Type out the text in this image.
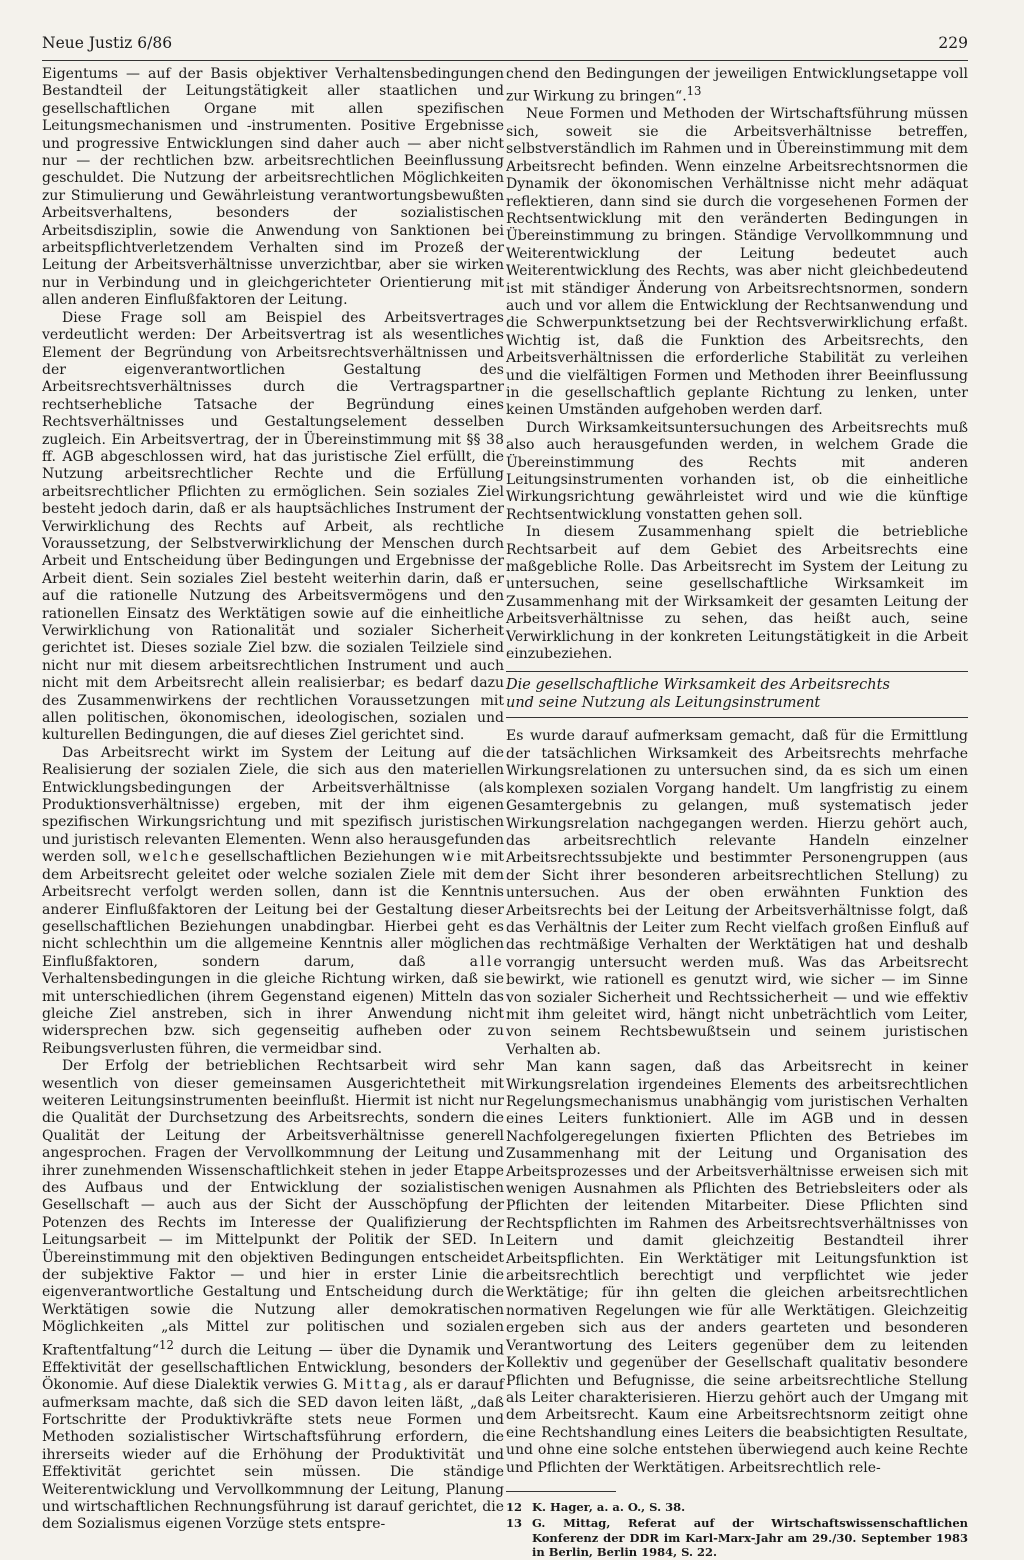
Neue Justiz 6/86	229

Eigentums — auf der Basis objektiver Verhaltensbedingungen Bestandteil der Leitungstätigkeit aller staatlichen und gesellschaftlichen Organe mit allen spezifischen Leitungsmechanismen und -instrumenten. Positive Ergebnisse und progressive Entwicklungen sind daher auch — aber nicht nur — der rechtlichen bzw. arbeitsrechtlichen Beeinflussung geschuldet. Die Nutzung der arbeitsrechtlichen Möglichkeiten zur Stimulierung und Gewährleistung verantwortungsbewußten Arbeitsverhaltens, besonders der sozialistischen Arbeitsdisziplin, sowie die Anwendung von Sanktionen bei arbeitspflichtverletzendem Verhalten sind im Prozeß der Leitung der Arbeitsverhältnisse unverzichtbar, aber sie wirken nur in Verbindung und in gleichgerichteter Orientierung mit allen anderen Einflußfaktoren der Leitung.

Diese Frage soll am Beispiel des Arbeitsvertrages verdeutlicht werden: Der Arbeitsvertrag ist als wesentliches Element der Begründung von Arbeitsrechtsverhältnissen und der eigenverantwortlichen Gestaltung des Arbeitsrechtsverhältnisses durch die Vertragspartner rechtserhebliche Tatsache der Begründung eines Rechtsverhältnisses und Gestaltungselement desselben zugleich. Ein Arbeitsvertrag, der in Übereinstimmung mit §§ 38 ff. AGB abgeschlossen wird, hat das juristische Ziel erfüllt, die Nutzung arbeitsrechtlicher Rechte und die Erfüllung arbeitsrechtlicher Pflichten zu ermöglichen. Sein soziales Ziel besteht jedoch darin, daß er als hauptsächliches Instrument der Verwirklichung des Rechts auf Arbeit, als rechtliche Voraussetzung, der Selbstverwirklichung der Menschen durch Arbeit und Entscheidung über Bedingungen und Ergebnisse der Arbeit dient. Sein soziales Ziel besteht weiterhin darin, daß er auf die rationelle Nutzung des Arbeitsvermögens und den rationellen Einsatz des Werktätigen sowie auf die einheitliche Verwirklichung von Rationalität und sozialer Sicherheit gerichtet ist. Dieses soziale Ziel bzw. die sozialen Teilziele sind nicht nur mit diesem arbeitsrechtlichen Instrument und auch nicht mit dem Arbeitsrecht allein realisierbar; es bedarf dazu des Zusammenwirkens der rechtlichen Voraussetzungen mit allen politischen, ökonomischen, ideologischen, sozialen und kulturellen Bedingungen, die auf dieses Ziel gerichtet sind.

Das Arbeitsrecht wirkt im System der Leitung auf die Realisierung der sozialen Ziele, die sich aus den materiellen Entwicklungsbedingungen der Arbeitsverhältnisse (als Produktionsverhältnisse) ergeben, mit der ihm eigenen spezifischen Wirkungsrichtung und mit spezifisch juristischen und juristisch relevanten Elementen. Wenn also herausgefunden werden soll, welche gesellschaftlichen Beziehungen wie mit dem Arbeitsrecht geleitet oder welche sozialen Ziele mit dem Arbeitsrecht verfolgt werden sollen, dann ist die Kenntnis anderer Einflußfaktoren der Leitung bei der Gestaltung dieser gesellschaftlichen Beziehungen unabdingbar. Hierbei geht es nicht schlechthin um die allgemeine Kenntnis aller möglichen Einflußfaktoren, sondern darum, daß	alle Verhaltensbedingungen in die gleiche Richtung wirken, daß sie mit unterschiedlichen (ihrem Gegenstand eigenen) Mitteln das gleiche Ziel anstreben, sich in ihrer Anwendung nicht widersprechen bzw. sich gegenseitig aufheben oder zu Reibungsverlusten führen, die vermeidbar sind.

Der Erfolg der betrieblichen Rechtsarbeit wird sehr wesentlich von dieser gemeinsamen Ausgerichtetheit mit weiteren Leitungsinstrumenten beeinflußt. Hiermit ist nicht nur die Qualität der Durchsetzung des Arbeitsrechts, sondern die Qualität der Leitung der Arbeitsverhältnisse generell angesprochen. Fragen der Vervollkommnung der Leitung und ihrer zunehmenden Wissenschaftlichkeit stehen in jeder Etappe des Aufbaus und der Entwicklung der sozialistischen Gesellschaft — auch aus der Sicht der Ausschöpfung der Potenzen des Rechts im Interesse der Qualifizierung der Leitungsarbeit — im Mittelpunkt der Politik der SED. In Übereinstimmung mit den objektiven Bedingungen entscheidet der subjektive Faktor — und hier in erster Linie die eigenverantwortliche Gestaltung und Entscheidung durch die Werktätigen sowie die Nutzung aller demokratischen Möglichkeiten „als Mittel zur politischen und sozialen Kraftentfaltung“$^{12}$ durch die Leitung — über die Dynamik und Effektivität der gesellschaftlichen Entwicklung, besonders der Ökonomie. Auf diese Dialektik verwies G. Mittag, als er darauf aufmerksam machte, daß sich die SED davon leiten läßt, „daß Fortschritte der Produktivkräfte stets neue Formen und Methoden sozialistischer Wirtschaftsführung erfordern, die ihrerseits wieder auf die Erhöhung der Produktivität und Effektivität gerichtet sein müssen. Die ständige Weiterentwicklung und Vervollkommnung der Leitung, Planung und wirtschaftlichen Rechnungsführung ist darauf gerichtet, die dem Sozialismus eigenen Vorzüge stets entspre-

chend den Bedingungen der jeweiligen Entwicklungsetappe voll zur Wirkung zu bringen“.$^{13}$

Neue Formen und Methoden der Wirtschaftsführung müssen sich, soweit sie die Arbeitsverhältnisse betreffen, selbstverständlich im Rahmen und in Übereinstimmung mit dem Arbeitsrecht befinden. Wenn einzelne Arbeitsrechtsnormen die Dynamik der ökonomischen Verhältnisse nicht mehr adäquat reflektieren, dann sind sie durch die vorgesehenen Formen der Rechtsentwicklung mit den veränderten Bedingungen in Übereinstimmung zu bringen. Ständige Vervollkommnung und Weiterentwicklung der Leitung bedeutet auch Weiterentwicklung des Rechts, was aber nicht gleichbedeutend ist mit ständiger Änderung von Arbeitsrechtsnormen, sondern auch und vor allem die Entwicklung der Rechtsanwendung und die Schwerpunktsetzung bei der Rechtsverwirklichung erfaßt. Wichtig ist, daß die Funktion des Arbeitsrechts, den Arbeitsverhältnissen die erforderliche Stabilität zu verleihen und die vielfältigen Formen und Methoden ihrer Beeinflussung in die gesellschaftlich geplante Richtung zu lenken, unter keinen Umständen aufgehoben werden darf.

Durch Wirksamkeitsuntersuchungen des Arbeitsrechts muß also auch herausgefunden werden, in welchem Grade die Übereinstimmung des Rechts mit anderen Leitungsinstrumenten vorhanden ist, ob die einheitliche Wirkungsrichtung gewährleistet wird und wie die künftige Rechtsentwicklung vonstatten gehen soll.

In diesem Zusammenhang spielt die betriebliche Rechtsarbeit auf dem Gebiet des Arbeitsrechts eine maßgebliche Rolle. Das Arbeitsrecht im System der Leitung zu untersuchen, seine gesellschaftliche Wirksamkeit im Zusammenhang mit der Wirksamkeit der gesamten Leitung der Arbeitsverhältnisse zu sehen, das heißt auch, seine Verwirklichung in der konkreten Leitungstätigkeit in die Arbeit einzubeziehen.

Die gesellschaftliche Wirksamkeit des Arbeitsrechts
und seine Nutzung als Leitungsinstrument

Es wurde darauf aufmerksam gemacht, daß für die Ermittlung der tatsächlichen Wirksamkeit des Arbeitsrechts mehrfache Wirkungsrelationen zu untersuchen sind, da es sich um einen komplexen sozialen Vorgang handelt. Um langfristig zu einem Gesamtergebnis zu gelangen, muß systematisch jeder Wirkungsrelation nachgegangen werden. Hierzu gehört auch, das arbeitsrechtlich relevante Handeln einzelner Arbeitsrechtssubjekte und bestimmter Personengruppen (aus der Sicht ihrer besonderen arbeitsrechtlichen Stellung) zu untersuchen. Aus der oben erwähnten Funktion des Arbeitsrechts bei der Leitung der Arbeitsverhältnisse folgt, daß das Verhältnis der Leiter zum Recht vielfach großen Einfluß auf das rechtmäßige Verhalten der Werktätigen hat und deshalb vorrangig untersucht werden muß. Was das Arbeitsrecht bewirkt, wie rationell es genutzt wird, wie sicher — im Sinne von sozialer Sicherheit und Rechtssicherheit — und wie effektiv mit ihm geleitet wird, hängt nicht unbeträchtlich vom Leiter, von seinem Rechtsbewußtsein und seinem juristischen Verhalten ab.

Man kann sagen, daß das Arbeitsrecht in keiner Wirkungsrelation irgendeines Elements des arbeitsrechtlichen Regelungsmechanismus unabhängig vom juristischen Verhalten eines Leiters funktioniert. Alle im AGB und in dessen Nachfolgeregelungen fixierten Pflichten des Betriebes im Zusammenhang mit der Leitung und Organisation des Arbeitsprozesses und der Arbeitsverhältnisse erweisen sich mit wenigen Ausnahmen als Pflichten des Betriebsleiters oder als Pflichten der leitenden Mitarbeiter. Diese Pflichten sind Rechtspflichten im Rahmen des Arbeitsrechtsverhältnisses von Leitern und damit gleichzeitig Bestandteil ihrer Arbeitspflichten. Ein Werktätiger mit Leitungsfunktion ist arbeitsrechtlich berechtigt und verpflichtet wie jeder Werktätige; für ihn gelten die gleichen arbeitsrechtlichen normativen Regelungen wie für alle Werktätigen. Gleichzeitig ergeben sich aus der anders gearteten und besonderen Verantwortung des Leiters gegenüber dem zu leitenden Kollektiv und gegenüber der Gesellschaft qualitativ besondere Pflichten und Befugnisse, die seine arbeitsrechtliche Stellung als Leiter charakterisieren. Hierzu gehört auch der Umgang mit dem Arbeitsrecht. Kaum eine Arbeitsrechtsnorm zeitigt ohne eine Rechtshandlung eines Leiters die beabsichtigten Resultate, und ohne eine solche entstehen überwiegend auch keine Rechte und Pflichten der Werktätigen. Arbeitsrechtlich rele-

12 K. Hager, a. a. O., S. 38.
13 G. Mittag, Referat auf der Wirtschaftswissenschaftlichen Konferenz der DDR im Karl-Marx-Jahr am 29./30. September 1983 in Berlin, Berlin 1984, S. 22.
